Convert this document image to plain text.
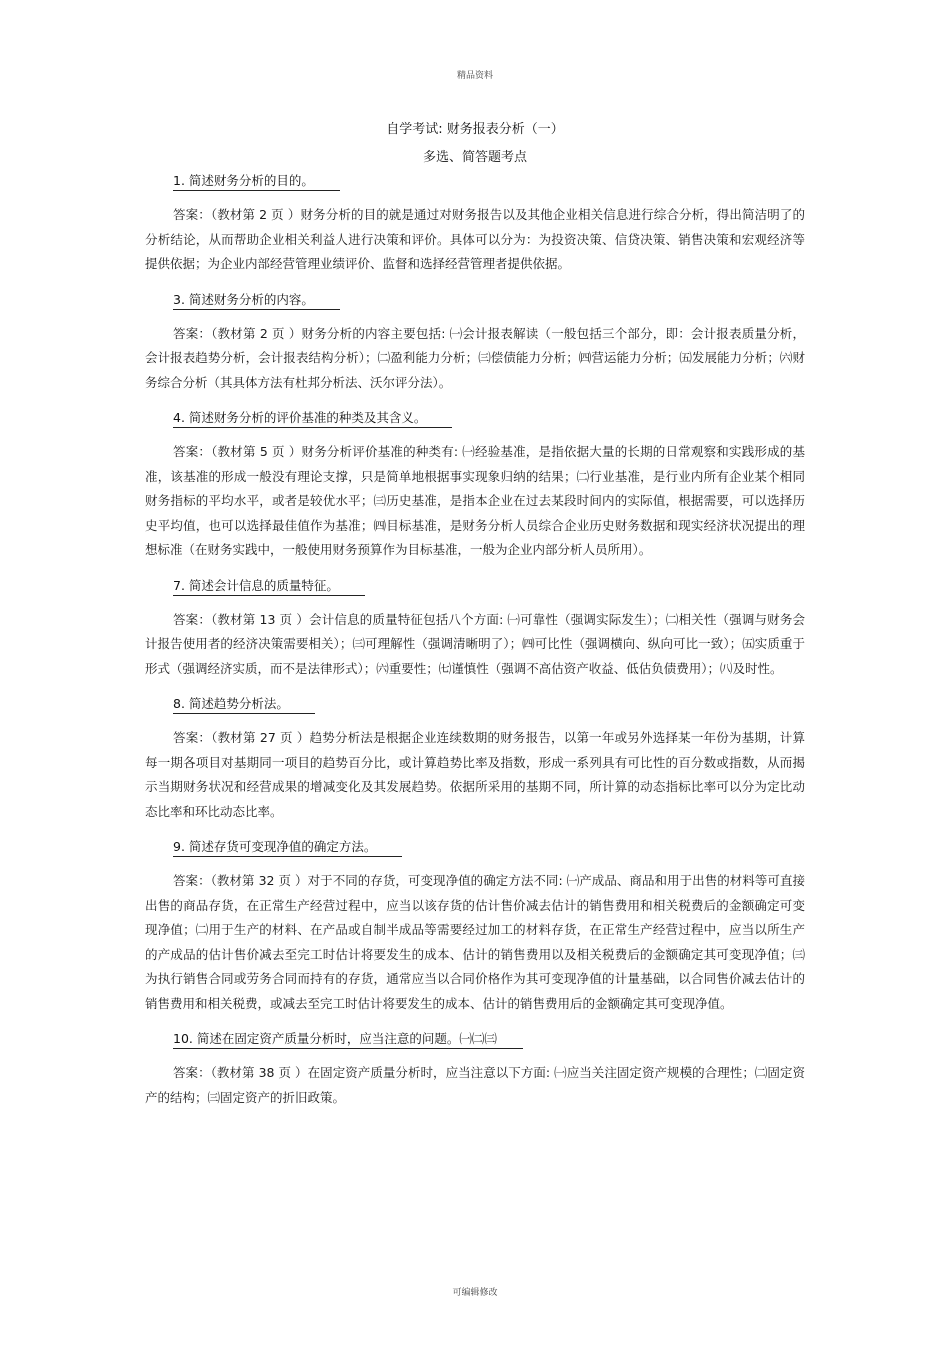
精品资料
自学考试: 财务报表分析（一）
多选、简答题考点
1. 简述财务分析的目的。
答案：（教材第 2 页 ）财务分析的目的就是通过对财务报告以及其他企业相关信息进行综合分析，得出简洁明了的分析结论，从而帮助企业相关利益人进行决策和评价。具体可以分为：为投资决策、信贷决策、销售决策和宏观经济等提供依据；为企业内部经营管理业绩评价、监督和选择经营管理者提供依据。
3. 简述财务分析的内容。
答案：（教材第 2 页 ）财务分析的内容主要包括: ㈠会计报表解读（一般包括三个部分，即：会计报表质量分析，会计报表趋势分析，会计报表结构分析）；㈡盈利能力分析；㈢偿债能力分析；㈣营运能力分析；㈤发展能力分析；㈥财务综合分析（其具体方法有杜邦分析法、沃尔评分法）。
4. 简述财务分析的评价基准的种类及其含义。
答案：（教材第 5 页 ）财务分析评价基准的种类有: ㈠经验基准，是指依据大量的长期的日常观察和实践形成的基准，该基准的形成一般没有理论支撑，只是简单地根据事实现象归纳的结果；㈡行业基准，是行业内所有企业某个相同财务指标的平均水平，或者是较优水平；㈢历史基准，是指本企业在过去某段时间内的实际值，根据需要，可以选择历史平均值，也可以选择最佳值作为基准；㈣目标基准，是财务分析人员综合企业历史财务数据和现实经济状况提出的理想标准（在财务实践中，一般使用财务预算作为目标基准，一般为企业内部分析人员所用）。
7. 简述会计信息的质量特征。
答案：（教材第 13 页 ）会计信息的质量特征包括八个方面: ㈠可靠性（强调实际发生）；㈡相关性（强调与财务会计报告使用者的经济决策需要相关）；㈢可理解性（强调清晰明了）；㈣可比性（强调横向、纵向可比一致）；㈤实质重于形式（强调经济实质，而不是法律形式）；㈥重要性；㈦谨慎性（强调不高估资产收益、低估负债费用）；㈧及时性。
8. 简述趋势分析法。
答案：（教材第 27 页 ）趋势分析法是根据企业连续数期的财务报告，以第一年或另外选择某一年份为基期，计算每一期各项目对基期同一项目的趋势百分比，或计算趋势比率及指数，形成一系列具有可比性的百分数或指数，从而揭示当期财务状况和经营成果的增减变化及其发展趋势。依据所采用的基期不同，所计算的动态指标比率可以分为定比动态比率和环比动态比率。
9. 简述存货可变现净值的确定方法。
答案：（教材第 32 页 ）对于不同的存货，可变现净值的确定方法不同: ㈠产成品、商品和用于出售的材料等可直接出售的商品存货，在正常生产经营过程中，应当以该存货的估计售价减去估计的销售费用和相关税费后的金额确定可变现净值；㈡用于生产的材料、在产品或自制半成品等需要经过加工的材料存货，在正常生产经营过程中，应当以所生产的产成品的估计售价减去至完工时估计将要发生的成本、估计的销售费用以及相关税费后的金额确定其可变现净值；㈢为执行销售合同或劳务合同而持有的存货，通常应当以合同价格作为其可变现净值的计量基础，以合同售价减去估计的销售费用和相关税费，或减去至完工时估计将要发生的成本、估计的销售费用后的金额确定其可变现净值。
10. 简述在固定资产质量分析时，应当注意的问题。㈠㈡㈢
答案：（教材第 38 页 ）在固定资产质量分析时，应当注意以下方面: ㈠应当关注固定资产规模的合理性；㈡固定资产的结构；㈢固定资产的折旧政策。
可编辑修改
